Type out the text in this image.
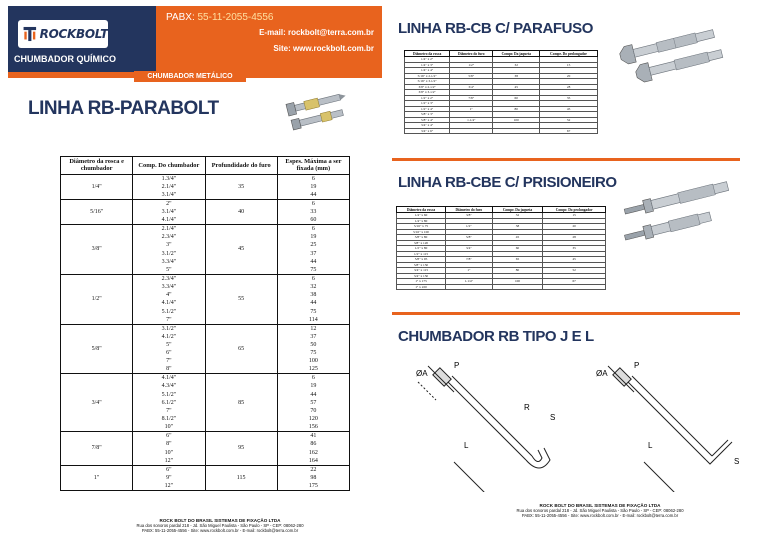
ROCKBOLT
CHUMBADOR QUÍMICO
PABX: 55-11-2055-4556
E-mail: rockbolt@terra.com.br
Site: www.rockbolt.com.br
CHUMBADOR METÁLICO
LINHA RB-PARABOLT
Diâmetro da rosca e chumbador	Comp. Do chumbador	Profundidade do furo	Espes. Máxima a ser fixada (mm)
1/4"	1.3/4"	35	6
	2.1/4"		19
	3.1/4"		44
5/16"	2"	40	6
	3.1/4"		33
	4.1/4"		60
3/8"	2.1/4"	45	6
	2.3/4"		19
	3"		25
	3.1/2"		37
	3.3/4"		44
	5"		75
1/2"	2.3/4"	55	6
	3.3/4"		32
	4"		38
	4.1/4"		44
	5.1/2"		75
	7"		114
5/8"	3.1/2"	65	12
	4.1/2"		37
	5"		50
	6"		75
	7"		100
	8"		125
3/4"	4.1/4"	85	6
	4.3/4"		19
	5.1/2"		44
	6.1/2"		57
	7"		70
	8.1/2"		120
	10"		156
7/8"	6"	95	41
	8"		86
	10"		162
	12"		164
1"	6"	115	22
	9"		98
	12"		175
ROCK BOLT DO BRASIL SISTEMAS DE FIXAÇÃO LTDA
Rua dos sonoros pardal 218 - Jd. São Miguel Paulista - São Paulo - SP - CEP: 08062-280
PABX: 55-11-2055-4556 - Site: www.rockbolt.com.br - E-mail: rockbolt@terra.com.br
LINHA RB-CB C/ PARAFUSO
Diâmetro da rosca	Diâmetro do furo	Compr. Da jaqueta	Compr. Do prolongador
1/4" x 2"			
1/4" x 3"	1/2"	32	15
1/4" x 4"			
5/16" x 2.1/2"	5/8"	38	20
5/16" x 3.1/2"			
3/8" x 2.1/2"	3/4"	45	28
3/8" x 3.1/2"			
1/2" x 2"	7/8"	60	35
1/2" x 3"			
1/2" x 4"	1"	80	45
5/8" x 3"			
5/8" x 4"	1.1/4"	100	52
3/4" x 4"			
3/4" x 6"			67
LINHA RB-CBE C/ PRISIONEIRO
Diâmetro da rosca	Diâmetro do furo	Compr. Da jaqueta	Compr. Do prolongador
1/4" x 60	3/8"	32	15
1/4" x 80			
5/16" x 75	1/2"	38	20
5/16" x 100			
3/8" x 80	5/8"	45	28
3/8" x 120			
1/2" x 80	3/4"	60	35
1/2" x 115			
5/8" x 95	7/8"	65	45
5/8" x 150			
3/4" x 115	1"	80	52
3/4" x 150			
1" x 175	1.1/4"	100	67
1" x 220			
CHUMBADOR RB TIPO J E L
ØA
P
R
S
L
ØA
P
L
S
ROCK BOLT DO BRASIL SISTEMAS DE FIXAÇÃO LTDA
Rua dos sonoros pardal 218 - Jd. São Miguel Paulista - São Paulo - SP - CEP: 08062-280
PABX: 55-11-2055-4556 - Site: www.rockbolt.com.br - E-mail: rockbolt@terra.com.br
